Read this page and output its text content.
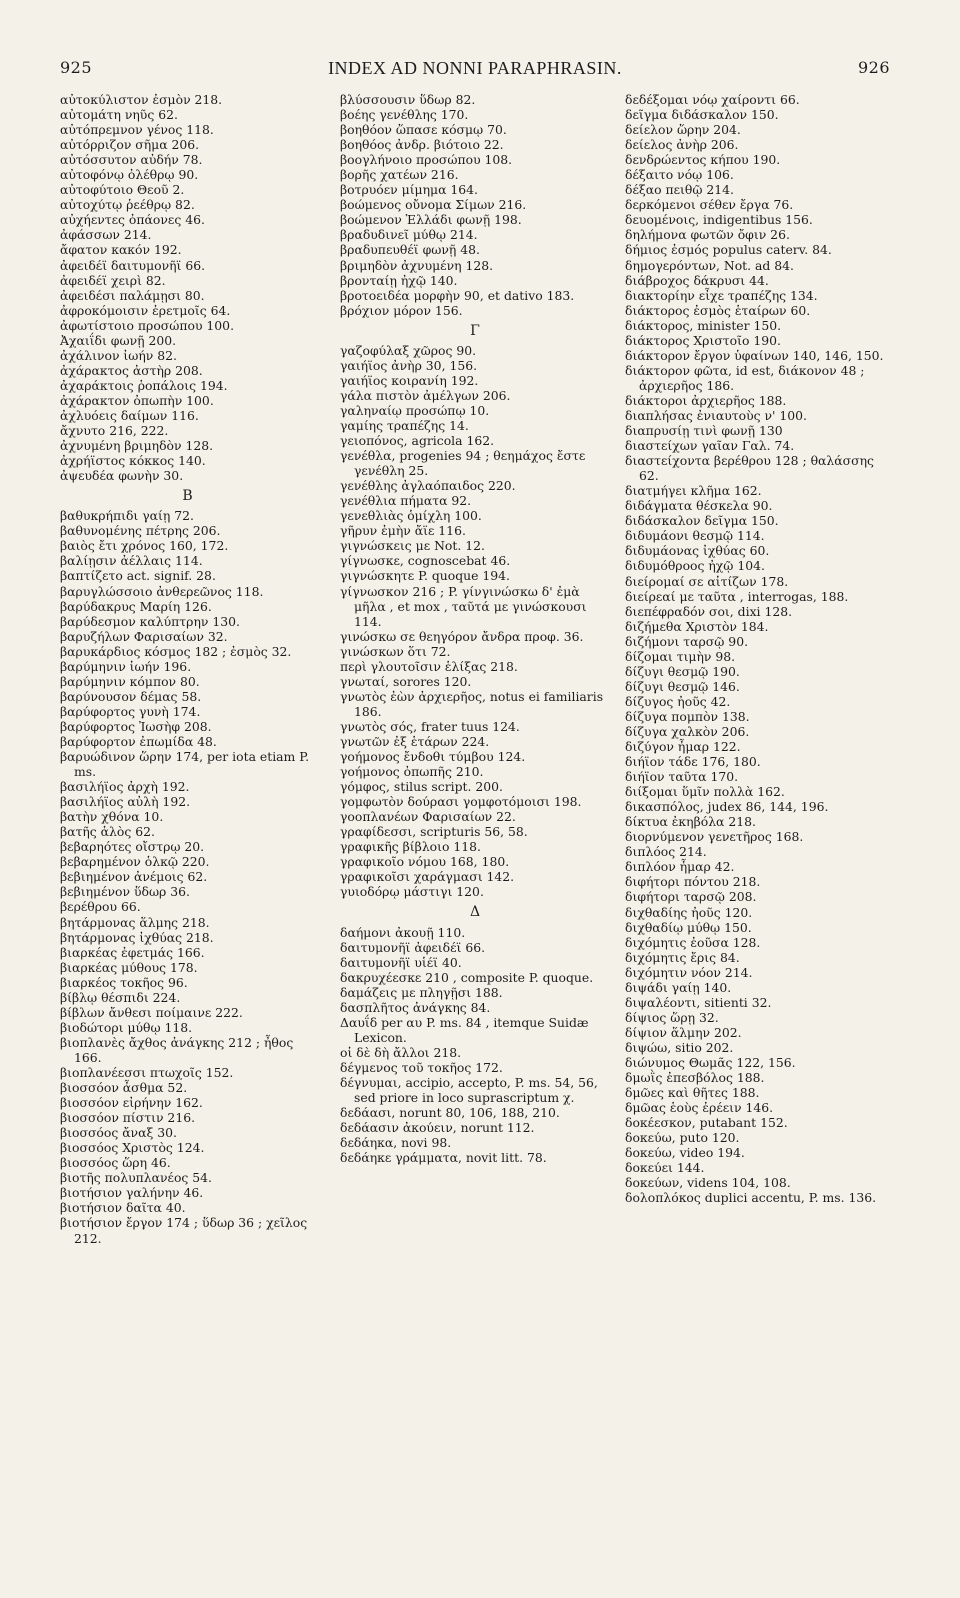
925	INDEX AD NONNI PARAPHRASIN.	926
αὐτοκύλιστον ἐσμὸν 218.
αὐτομάτη νηῦς 62.
αὐτόπρεμνον γένος 118.
αὐτόρριζον σῆμα 206.
αὐτόσσυτον αὐδήν 78.
αὐτοφόνῳ ὀλέθρῳ 90.
αὐτοφύτοιο Θεοῦ 2.
αὐτοχύτῳ ῥεέθρῳ 82.
αὐχήεντες ὀπάονες 46.
ἀφάσσων 214.
ἄφατον κακόν 192.
ἀφειδέϊ δαιτυμονῆϊ 66.
ἀφειδέϊ χειρὶ 82.
ἀφειδέσι παλάμῃσι 80.
ἀφροκόμοισιν ἐρετμοῖς 64.
ἀφωτίστοιο προσώπου 100.
Ἀχαιΐδι φωνῇ 200.
ἀχάλινον ἰωήν 82.
ἀχάρακτος ἀστὴρ 208.
ἀχαράκτοις ῥοπάλοις 194.
ἀχάρακτον ὀπωπὴν 100.
ἀχλυόεις δαίμων 116.
ἄχνυτο 216, 222.
ἀχνυμένη βριμηδὸν 128.
ἀχρήϊστος κόκκος 140.
ἀψευδέα φωνὴν 30.
B
βαθυκρήπιδι γαίῃ 72.
βαθυνομένης πέτρης 206.
βαιὸς ἔτι χρόνος 160, 172.
βαλίῃσιν ἀέλλαις 114.
βαπτίζετο act. signif. 28.
βαρυγλώσσοιο ἀνθερεῶνος 118.
βαρύδακρυς Μαρίη 126.
βαρύδεσμον καλύπτρην 130.
βαρυζήλων Φαρισαίων 32.
βαρυκάρδιος κόσμος 182 ; ἐσμὸς 32.
βαρύμηνιν ἰωήν 196.
βαρύμηνιν κόμπον 80.
βαρύνουσον δέμας 58.
βαρύφορτος γυνὴ 174.
βαρύφορτος Ἰωσὴφ 208.
βαρύφορτον ἐπωμίδα 48.
βαρυώδινον ὥρην 174, per iota etiam P. ms.
βασιλήϊος ἀρχὴ 192.
βασιλήϊος αὐλὴ 192.
βατὴν χθόνα 10.
βατῆς ἁλὸς 62.
βεβαρηότες οἴστρῳ 20.
βεβαρημένον ὁλκῷ 220.
βεβιημένον ἀνέμοις 62.
βεβιημένον ὕδωρ 36.
βερέθρου 66.
βητάρμονας ἅλμης 218.
βητάρμονας ἰχθύας 218.
βιαρκέας ἐφετμάς 166.
βιαρκέας μύθους 178.
βιαρκέος τοκῆος 96.
βίβλῳ θέσπιδι 224.
βίβλων ἄνθεσι ποίμαινε 222.
βιοδώτορι μύθῳ 118.
βιοπλανὲς ἄχθος ἀνάγκης 212 ; ἦθος 166.
βιοπλανέεσσι πτωχοῖς 152.
βιοσσόον ἆσθμα 52.
βιοσσόον εἰρήνην 162.
βιοσσόον πίστιν 216.
βιοσσόος ἄναξ 30.
βιοσσόος Χριστὸς 124.
βιοσσόος ὥρη 46.
βιοτῆς πολυπλανέος 54.
βιοτήσιον γαλήνην 46.
βιοτήσιον δαῖτα 40.
βιοτήσιον ἔργον 174 ; ὕδωρ 36 ; χεῖλος 212.
βλύσσουσιν ὕδωρ 82.
βοέης γενέθλης 170.
βοηθόον ὥπασε κόσμῳ 70.
βοηθόος ἀνδρ. βιότοιο 22.
βοογλήνοιο προσώπου 108.
βορῆς χατέων 216.
βοτρυόεν μίμημα 164.
βοώμενος οὔνομα Σίμων 216.
βοώμενον Ἑλλάδι φωνῇ 198.
βραδυδινεῖ μύθῳ 214.
βραδυπευθέϊ φωνῇ 48.
βριμηδὸν ἀχνυμένη 128.
βρονταίῃ ἠχῷ 140.
βροτοειδέα μορφὴν 90, et dativo 183.
βρόχιον μόρον 156.
Γ
γαζοφύλαξ χῶρος 90.
γαιήϊος ἀνὴρ 30, 156.
γαιήϊος κοιρανίη 192.
γάλα πιστὸν ἀμέλγων 206.
γαληναίῳ προσώπῳ 10.
γαμίης τραπέζης 14.
γειοπόνος, agricola 162.
γενέθλα, progenies 94 ; θεημάχος ἔστε γενέθλη 25.
γενέθλης ἀγλαόπαιδος 220.
γενέθλια πήματα 92.
γενεθλιὰς ὁμίχλη 100.
γῆρυν ἐμὴν ἄϊε 116.
γιγνώσκεις με Not. 12.
γίγνωσκε, cognoscebat 46.
γιγνώσκητε P. quoque 194.
γίγνωσκον 216 ; P. γίνγινώσκω δ' ἐμὰ μῆλα , et mox , ταῦτά με γινώσκουσι 114.
γινώσκω σε θεηγόρον ἄνδρα προφ. 36.
γινώσκων ὅτι 72.
περὶ γλουτοῖσιν ἑλίξας 218.
γνωταί, sorores 120.
γνωτὸς ἐὼν ἀρχιερῆος, notus ei familiaris 186.
γνωτὸς σός, frater tuus 124.
γνωτῶν ἐξ ἑτάρων 224.
γοήμονος ἔνδοθι τύμβου 124.
γοήμονος ὀπωπῆς 210.
γόμφος, stilus script. 200.
γομφωτὸν δούρασι γομφοτόμοισι 198.
γοοπλανέων Φαρισαίων 22.
γραφίδεσσι, scripturis 56, 58.
γραφικῆς βίβλοιο 118.
γραφικοῖο νόμου 168, 180.
γραφικοῖσι χαράγμασι 142.
γυιοδόρῳ μάστιγι 120.
Δ
δαήμονι ἀκουῇ 110.
δαιτυμονῆϊ ἀφειδέϊ 66.
δαιτυμονῆϊ υἱέϊ 40.
δακρυχέεσκε 210 , composite P. quoque.
δαμάζεις με πληγῇσι 188.
δασπλῆτος ἀνάγκης 84.
Δαυΐδ per αυ P. ms. 84 , itemque Suidæ Lexicon.
οἱ δὲ δὴ ἄλλοι 218.
δέγμενος τοῦ τοκῆος 172.
δέγνυμαι, accipio, accepto, P. ms. 54, 56, sed priore in loco suprascriptum χ.
δεδάασι, norunt 80, 106, 188, 210.
δεδάασιν ἀκούειν, norunt 112.
δεδάηκα, novi 98.
δεδάηκε γράμματα, novit litt. 78.
δεδέξομαι νόῳ χαίροντι 66.
δεῖγμα διδάσκαλον 150.
δείελον ὥρην 204.
δείελος ἀνὴρ 206.
δενδρώεντος κήπου 190.
δέξαιτο νόῳ 106.
δέξαο πειθῷ 214.
δερκόμενοι σέθεν ἔργα 76.
δευομένοις, indigentibus 156.
δηλήμονα φωτῶν ὄφιν 26.
δήμιος ἐσμός populus caterv. 84.
δημογερόντων, Not. ad 84.
διάβροχος δάκρυσι 44.
διακτορίην εἶχε τραπέζης 134.
διάκτορος ἐσμὸς ἑταίρων 60.
διάκτορος, minister 150.
διάκτορος Χριστοῖο 190.
διάκτορον ἔργον ὑφαίνων 140, 146, 150.
διάκτορον φῶτα, id est, διάκονον 48 ; ἀρχιερῆος 186.
διάκτοροι ἀρχιερῆος 188.
διαπλήσας ἐνιαυτοὺς ν' 100.
διαπρυσίῃ τινὶ φωνῇ 130
διαστείχων γαῖαν Γαλ. 74.
διαστείχοντα βερέθρου 128 ; θαλάσσης 62.
διατμήγει κλῆμα 162.
διδάγματα θέσκελα 90.
διδάσκαλον δεῖγμα 150.
διδυμάονι θεσμῷ 114.
διδυμάονας ἰχθύας 60.
διδυμόθροος ἠχῷ 104.
διείρομαί σε αἰτίζων 178.
διείρεαί με ταῦτα , interrogas, 188.
διεπέφραδόν σοι, dixi 128.
διζήμεθα Χριστὸν 184.
διζήμονι ταρσῷ 90.
δίζομαι τιμὴν 98.
δίζυγι θεσμῷ 190.
δίζυγι θεσμῷ 146.
δίζυγος ἠοῦς 42.
δίζυγα πομπὸν 138.
δίζυγα χαλκὸν 206.
διζύγον ἦμαρ 122.
διήϊον τάδε 176, 180.
διήϊον ταῦτα 170.
διίξομαι ὕμῖν πολλὰ 162.
δικασπόλος, judex 86, 144, 196.
δίκτυα ἐκηβόλα 218.
διορνύμενον γενετῆρος 168.
διπλόος 214.
διπλόον ἦμαρ 42.
διφήτορι πόντου 218.
διφήτορι ταρσῷ 208.
διχθαδίης ἠοῦς 120.
διχθαδίῳ μύθῳ 150.
διχόμητις ἐοῦσα 128.
διχόμητις ἔρις 84.
διχόμητιν νόον 214.
διψάδι γαίῃ 140.
διψαλέοντι, sitienti 32.
δίψιος ὥρῃ 32.
δίψιον ἅλμην 202.
διψώω, sitio 202.
διώνυμος Θωμᾶς 122, 156.
δμωῒς ἐπεσβόλος 188.
δμῶες καὶ θῆτες 188.
δμῶας ἑοὺς ἐρέειν 146.
δοκέεσκον, putabant 152.
δοκεύω, puto 120.
δοκεύω, video 194.
δοκεύει 144.
δοκεύων, videns 104, 108.
δολοπλόκος duplici accentu, P. ms. 136.
